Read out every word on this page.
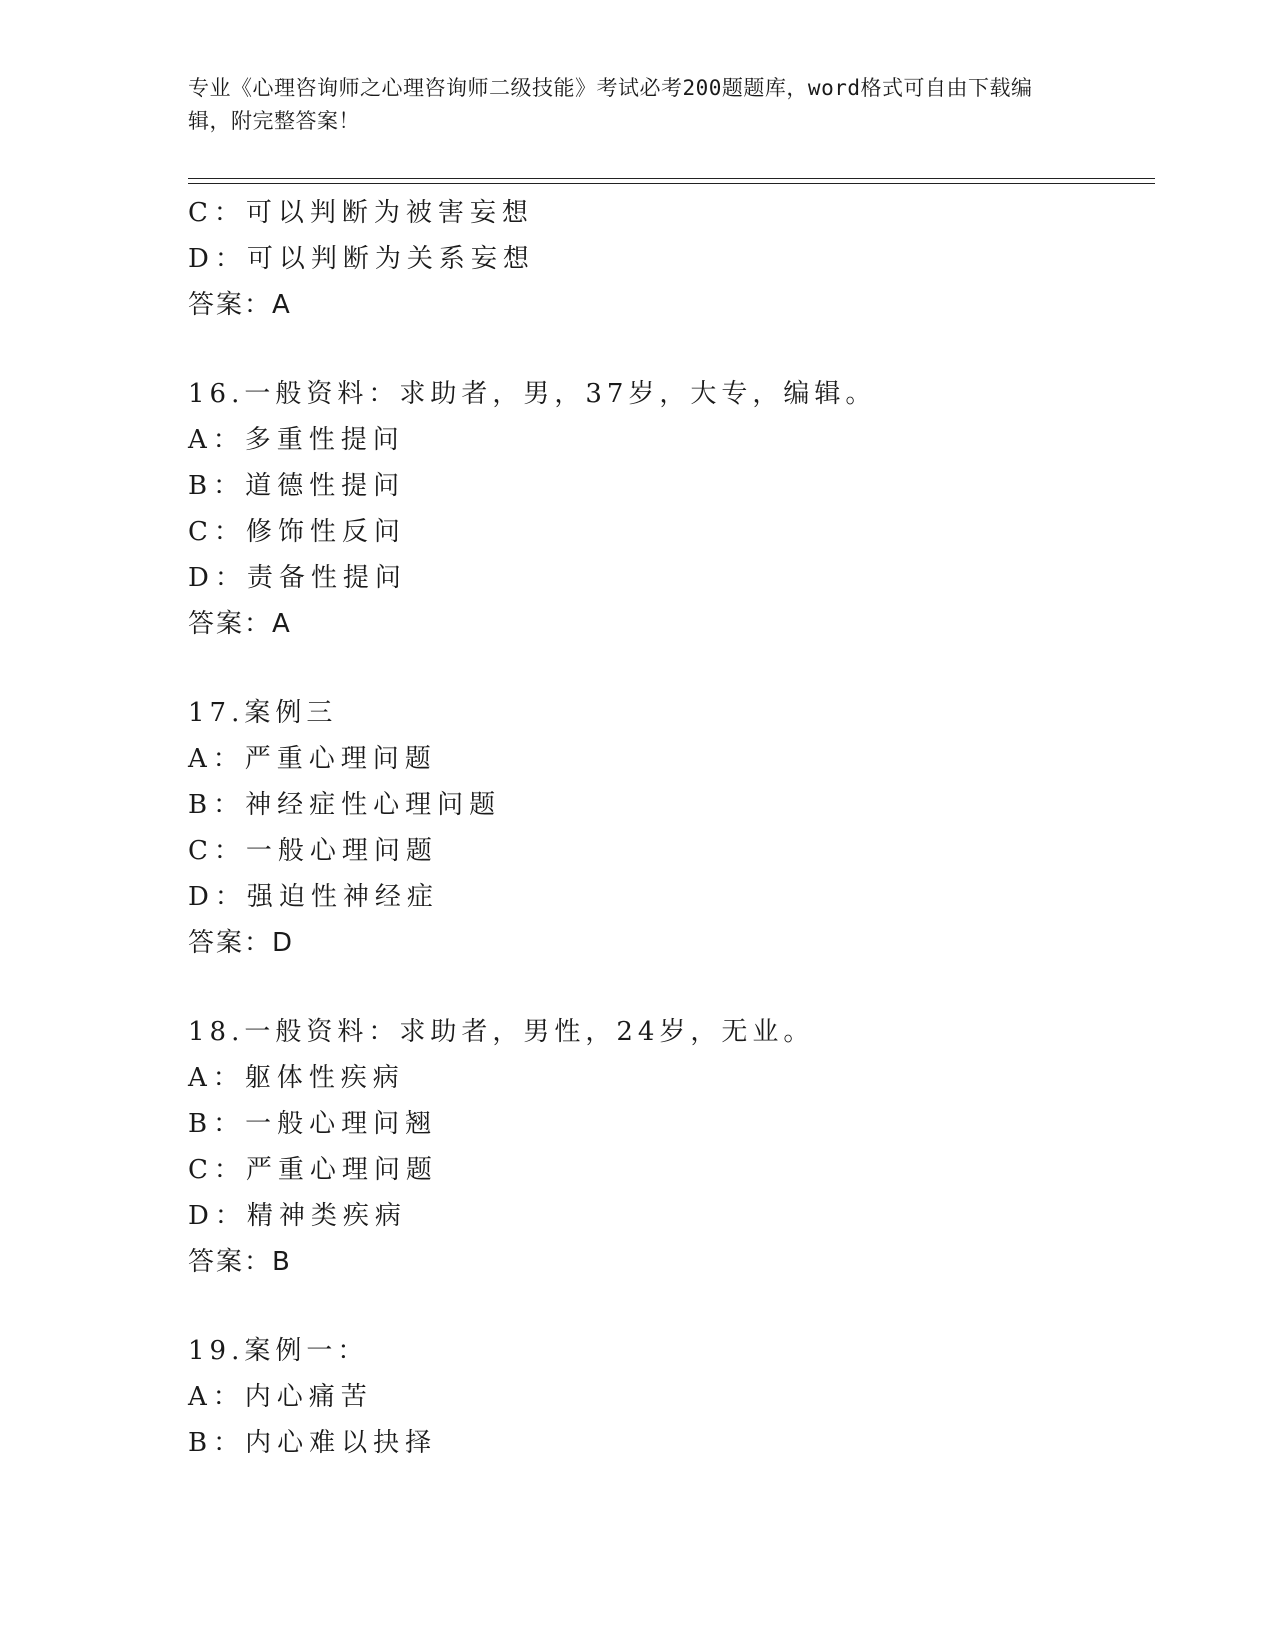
专业《心理咨询师之心理咨询师二级技能》考试必考200题题库，word格式可自由下载编辑，附完整答案！
C：可以判断为被害妄想
D：可以判断为关系妄想
答案：A
16.一般资料：求助者，男，37岁，大专，编辑。
A：多重性提问
B：道德性提问
C：修饰性反问
D：责备性提问
答案：A
17.案例三
A：严重心理问题
B：神经症性心理问题
C：一般心理问题
D：强迫性神经症
答案：D
18.一般资料：求助者，男性，24岁，无业。
A：躯体性疾病
B：一般心理问翘
C：严重心理问题
D：精神类疾病
答案：B
19.案例一：
A：内心痛苦
B：内心难以抉择
